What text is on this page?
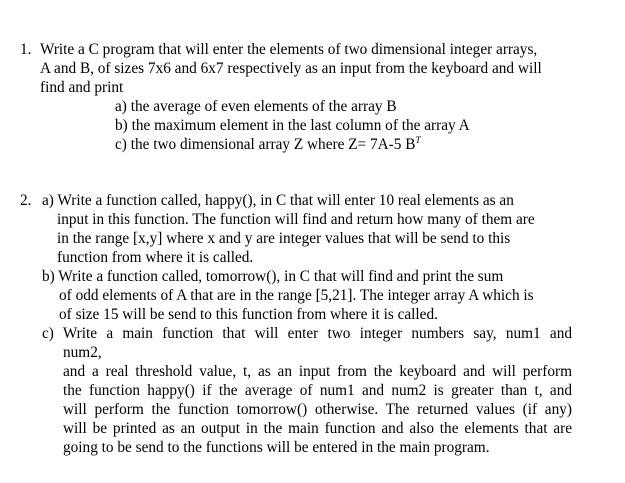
1. Write a C program that will enter the elements of two dimensional integer arrays,
A and B, of sizes 7x6 and 6x7 respectively as an input from the keyboard and will
find and print
a) the average of even elements of the array B
b) the maximum element in the last column of the array A
c) the two dimensional array Z where Z= 7A-5 $B^T$
2. a) Write a function called, happy(), in C that will enter 10 real elements as an
input in this function. The function will find and return how many of them are
in the range [x,y] where x and y are integer values that will be send to this
function from where it is called.
b) Write a function called, tomorrow(), in C that will find and print the sum
of odd elements of A that are in the range [5,21]. The integer array A which is
of size 15 will be send to this function from where it is called.
c) Write a main function that will enter two integer numbers say, num1 and
num2,
and a real threshold value, t, as an input from the keyboard and will perform
the function happy() if the average of num1 and num2 is greater than t, and
will perform the function tomorrow() otherwise. The returned values (if any)
will be printed as an output in the main function and also the elements that are
going to be send to the functions will be entered in the main program.
